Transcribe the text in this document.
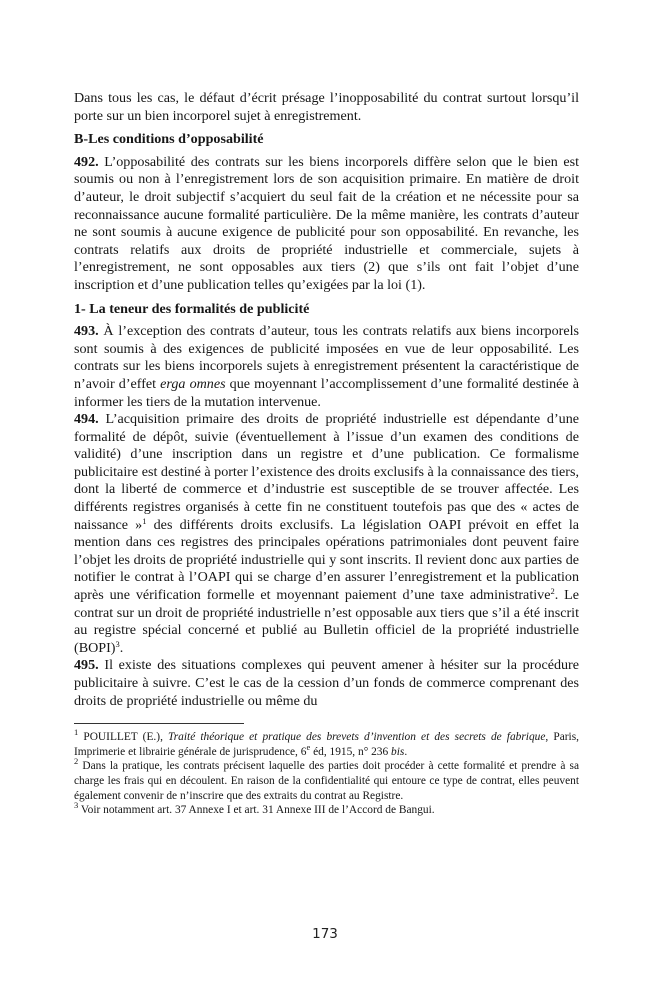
Dans tous les cas, le défaut d’écrit présage l’inopposabilité du contrat surtout lorsqu’il porte sur un bien incorporel sujet à enregistrement.

B-Les conditions d’opposabilité

492. L’opposabilité des contrats sur les biens incorporels diffère selon que le bien est soumis ou non à l’enregistrement lors de son acquisition primaire. En matière de droit d’auteur, le droit subjectif s’acquiert du seul fait de la création et ne nécessite pour sa reconnaissance aucune formalité particulière. De la même manière, les contrats d’auteur ne sont soumis à aucune exigence de publicité pour son opposabilité. En revanche, les contrats relatifs aux droits de propriété industrielle et commerciale, sujets à l’enregistrement, ne sont opposables aux tiers (2) que s’ils ont fait l’objet d’une inscription et d’une publication telles qu’exigées par la loi (1).

1- La teneur des formalités de publicité

493. À l’exception des contrats d’auteur, tous les contrats relatifs aux biens incorporels sont soumis à des exigences de publicité imposées en vue de leur opposabilité. Les contrats sur les biens incorporels sujets à enregistrement présentent la caractéristique de n’avoir d’effet erga omnes que moyennant l’accomplissement d’une formalité destinée à informer les tiers de la mutation intervenue.

494. L’acquisition primaire des droits de propriété industrielle est dépendante d’une formalité de dépôt, suivie (éventuellement à l’issue d’un examen des conditions de validité) d’une inscription dans un registre et d’une publication. Ce formalisme publicitaire est destiné à porter l’existence des droits exclusifs à la connaissance des tiers, dont la liberté de commerce et d’industrie est susceptible de se trouver affectée. Les différents registres organisés à cette fin ne constituent toutefois pas que des « actes de naissance »$^1$ des différents droits exclusifs. La législation OAPI prévoit en effet la mention dans ces registres des principales opérations patrimoniales dont peuvent faire l’objet les droits de propriété industrielle qui y sont inscrits. Il revient donc aux parties de notifier le contrat à l’OAPI qui se charge d’en assurer l’enregistrement et la publication après une vérification formelle et moyennant paiement d’une taxe administrative$^2$. Le contrat sur un droit de propriété industrielle n’est opposable aux tiers que s’il a été inscrit au registre spécial concerné et publié au Bulletin officiel de la propriété industrielle (BOPI)$^3$.

495. Il existe des situations complexes qui peuvent amener à hésiter sur la procédure publicitaire à suivre. C’est le cas de la cession d’un fonds de commerce comprenant des droits de propriété industrielle ou même du

$^1$ POUILLET (E.), Traité théorique et pratique des brevets d’invention et des secrets de fabrique, Paris, Imprimerie et librairie générale de jurisprudence, 6e éd, 1915, n° 236 bis.

$^2$ Dans la pratique, les contrats précisent laquelle des parties doit procéder à cette formalité et prendre à sa charge les frais qui en découlent. En raison de la confidentialité qui entoure ce type de contrat, elles peuvent également convenir de n’inscrire que des extraits du contrat au Registre.

$^3$ Voir notamment art. 37 Annexe I et art. 31 Annexe III de l’Accord de Bangui.

173
